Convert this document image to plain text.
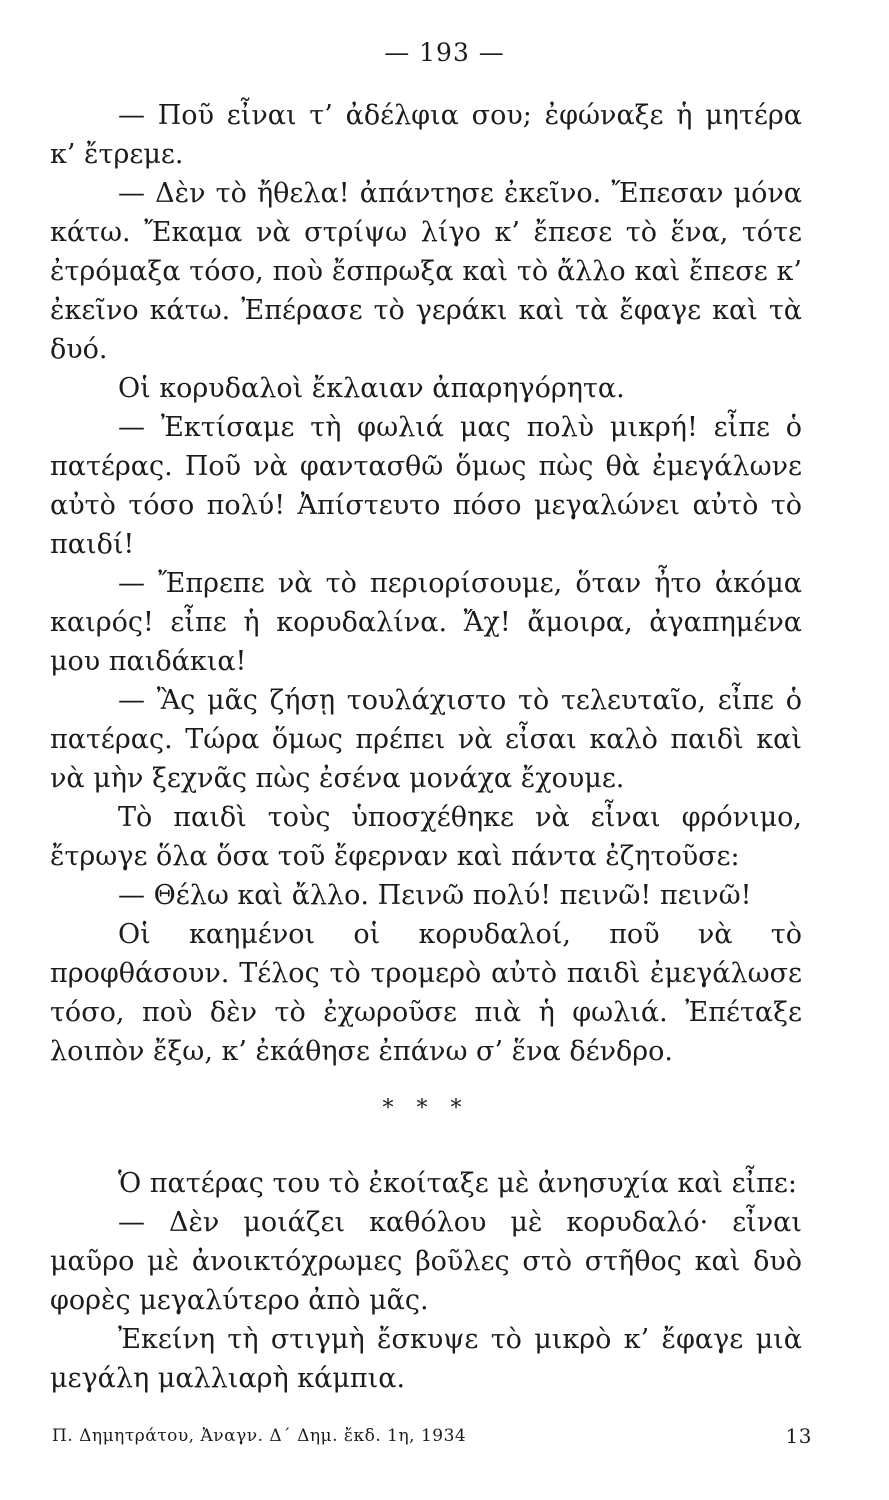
— 193 —

— Ποῦ εἶναι τ’ ἀδέλφια σου; ἐφώναξε ἡ μητέρα κ’ ἔτρεμε.

— Δὲν τὸ ἤθελα! ἀπάντησε ἐκεῖνο. Ἔπεσαν μόνα κάτω. Ἔκαμα νὰ στρίψω λίγο κ’ ἔπεσε τὸ ἕνα, τότε ἐτρόμαξα τόσο, ποὺ ἔσπρωξα καὶ τὸ ἄλλο καὶ ἔπεσε κ’ ἐκεῖνο κάτω. Ἐπέρασε τὸ γεράκι καὶ τὰ ἔφαγε καὶ τὰ δυό.

Οἱ κορυδαλοὶ ἔκλαιαν ἀπαρηγόρητα.

— Ἐκτίσαμε τὴ φωλιά μας πολὺ μικρή! εἶπε ὁ πατέρας. Ποῦ νὰ φαντασθῶ ὅμως πὼς θὰ ἐμεγάλωνε αὐτὸ τόσο πολύ! Ἀπίστευτο πόσο μεγαλώνει αὐτὸ τὸ παιδί!

— Ἔπρεπε νὰ τὸ περιορίσουμε, ὅταν ἦτο ἀκόμα καιρός! εἶπε ἡ κορυδαλίνα. Ἄχ! ἄμοιρα, ἀγαπημένα μου παιδάκια!

— Ἂς μᾶς ζήσῃ τουλάχιστο τὸ τελευταῖο, εἶπε ὁ πατέρας. Τώρα ὅμως πρέπει νὰ εἶσαι καλὸ παιδὶ καὶ νὰ μὴν ξεχνᾶς πὼς ἐσένα μονάχα ἔχουμε.

Τὸ παιδὶ τοὺς ὑποσχέθηκε νὰ εἶναι φρόνιμο, ἔτρωγε ὅλα ὅσα τοῦ ἔφερναν καὶ πάντα ἐζητοῦσε:

— Θέλω καὶ ἄλλο. Πεινῶ πολύ! πεινῶ! πεινῶ!

Οἱ καημένοι οἱ κορυδαλοί, ποῦ νὰ τὸ προφθάσουν. Τέλος τὸ τρομερὸ αὐτὸ παιδὶ ἐμεγάλωσε τόσο, ποὺ δὲν τὸ ἐχωροῦσε πιὰ ἡ φωλιά. Ἐπέταξε λοιπὸν ἔξω, κ’ ἐκάθησε ἐπάνω σ’ ἕνα δένδρο.

* * *

Ὁ πατέρας του τὸ ἐκοίταξε μὲ ἀνησυχία καὶ εἶπε:

— Δὲν μοιάζει καθόλου μὲ κορυδαλό· εἶναι μαῦρο μὲ ἀνοικτόχρωμες βοῦλες στὸ στῆθος καὶ δυὸ φορὲς μεγαλύτερο ἀπὸ μᾶς.

Ἐκείνη τὴ στιγμὴ ἔσκυψε τὸ μικρὸ κ’ ἔφαγε μιὰ μεγάλη μαλλιαρὴ κάμπια.

Π. Δημητράτου, Ἀναγν. Δ΄ Δημ. ἔκδ. 1η, 1934	13
